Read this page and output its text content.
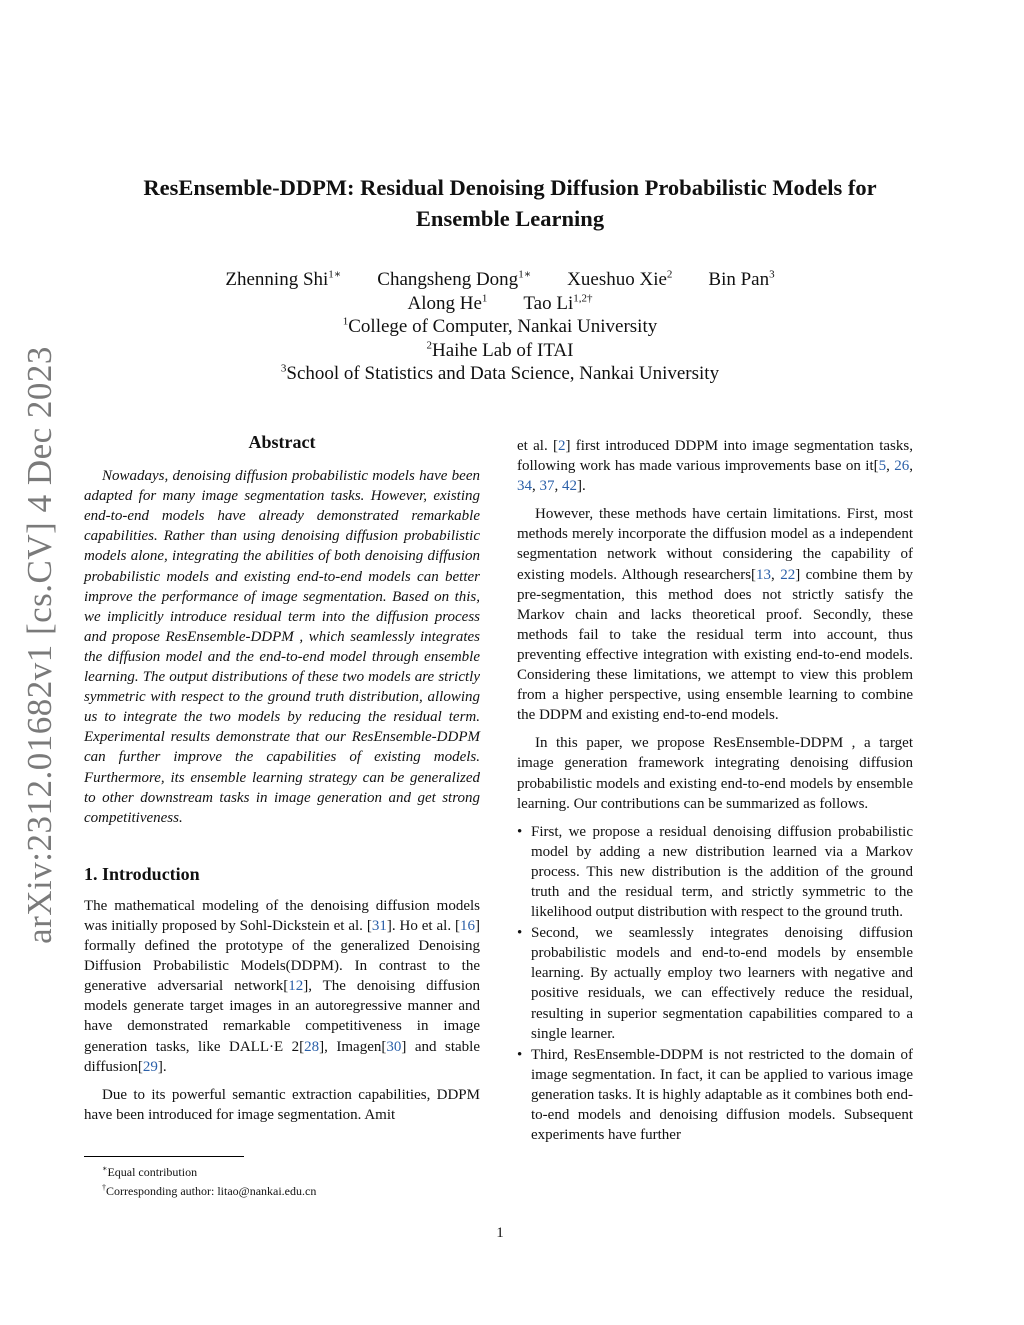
arXiv:2312.01682v1 [cs.CV] 4 Dec 2023
ResEnsemble-DDPM: Residual Denoising Diffusion Probabilistic Models for
Ensemble Learning
Zhenning Shi$^{1∗}$ Changsheng Dong$^{1∗}$ Xueshuo Xie$^2$ Bin Pan$^3$
Along He$^1$ Tao $Li^{1,2\dagger}$
$^1$College of Computer, Nankai University
$^2$Haihe Lab of ITAI
$^3$School of Statistics and Data Science, Nankai University
Abstract

Nowadays, denoising diffusion probabilistic models have been adapted for many image segmentation tasks. However, existing end-to-end models have already demonstrated remarkable capabilities. Rather than using denoising diffusion probabilistic models alone, integrating the abilities of both denoising diffusion probabilistic models and existing end-to-end models can better improve the performance of image segmentation. Based on this, we implicitly introduce residual term into the diffusion process and propose ResEnsemble-DDPM , which seamlessly integrates the diffusion model and the end-to-end model through ensemble learning. The output distributions of these two models are strictly symmetric with respect to the ground truth distribution, allowing us to integrate the two models by reducing the residual term. Experimental results demonstrate that our ResEnsemble-DDPM can further improve the capabilities of existing models. Furthermore, its ensemble learning strategy can be generalized to other downstream tasks in image generation and get strong competitiveness.

1. Introduction

The mathematical modeling of the denoising diffusion models was initially proposed by Sohl-Dickstein et al. [31]. Ho et al. [16] formally defined the prototype of the generalized Denoising Diffusion Probabilistic Models(DDPM). In contrast to the generative adversarial network[12], The denoising diffusion models generate target images in an autoregressive manner and have demonstrated remarkable competitiveness in image generation tasks, like DALL·E 2[28], Imagen[30] and stable diffusion[29].

Due to its powerful semantic extraction capabilities, DDPM have been introduced for image segmentation. Amit

et al. [2] first introduced DDPM into image segmentation tasks, following work has made various improvements base on it[5, 26, 34, 37, 42].

However, these methods have certain limitations. First, most methods merely incorporate the diffusion model as a independent segmentation network without considering the capability of existing models. Although researchers[13, 22] combine them by pre-segmentation, this method does not strictly satisfy the Markov chain and lacks theoretical proof. Secondly, these methods fail to take the residual term into account, thus preventing effective integration with existing end-to-end models. Considering these limitations, we attempt to view this problem from a higher perspective, using ensemble learning to combine the DDPM and existing end-to-end models.

In this paper, we propose ResEnsemble-DDPM , a target image generation framework integrating denoising diffusion probabilistic models and existing end-to-end models by ensemble learning. Our contributions can be summarized as follows.

• First, we propose a residual denoising diffusion probabilistic model by adding a new distribution learned via a Markov process. This new distribution is the addition of the ground truth and the residual term, and strictly symmetric to the likelihood output distribution with respect to the ground truth.
• Second, we seamlessly integrates denoising diffusion probabilistic models and end-to-end models by ensemble learning. By actually employ two learners with negative and positive residuals, we can effectively reduce the residual, resulting in superior segmentation capabilities compared to a single learner.
• Third, ResEnsemble-DDPM is not restricted to the domain of image segmentation. In fact, it can be applied to various image generation tasks. It is highly adaptable as it combines both end-to-end models and denoising diffusion models. Subsequent experiments have further
∗Equal contribution
†Corresponding author: litao@nankai.edu.cn
1
